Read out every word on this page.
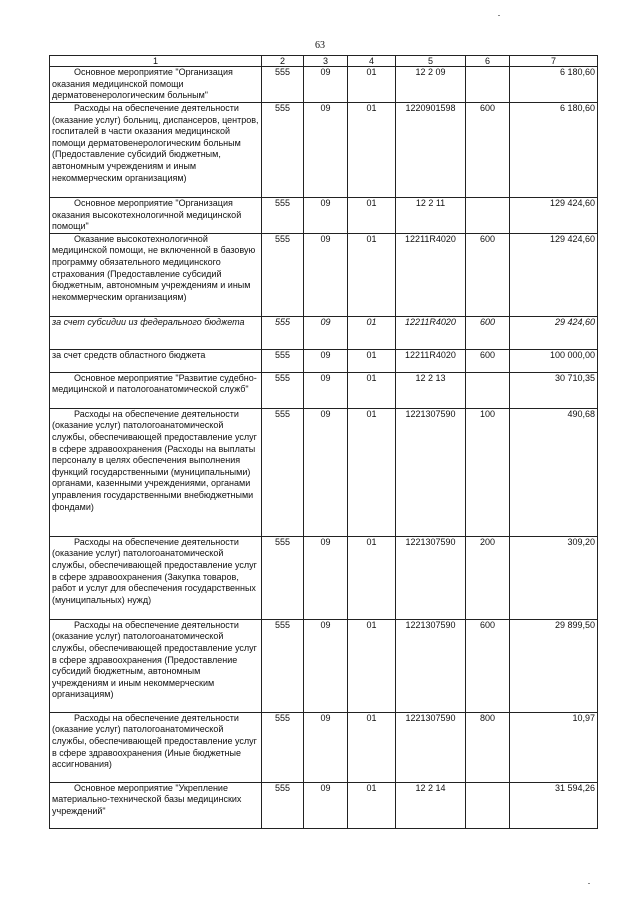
63
1	2	3	4	5	6	7
Основное мероприятие "Организация оказания медицинской помощи дерматовенерологическим больным"	555	09	01	12 2 09		6 180,60
Расходы на обеспечение деятельности (оказание услуг) больниц, диспансеров, центров, госпиталей в части оказания медицинской помощи дерматовенерологическим больным (Предоставление субсидий бюджетным, автономным учреждениям и иным некоммерческим организациям)	555	09	01	1220901598	600	6 180,60
Основное мероприятие "Организация оказания высокотехнологичной медицинской помощи"	555	09	01	12 2 11		129 424,60
Оказание высокотехнологичной медицинской помощи, не включенной в базовую программу обязательного медицинского страхования (Предоставление субсидий бюджетным, автономным учреждениям и иным некоммерческим организациям)	555	09	01	12211R4020	600	129 424,60
за счет субсидии из федерального бюджета	555	09	01	12211R4020	600	29 424,60
за счет средств областного бюджета	555	09	01	12211R4020	600	100 000,00
Основное мероприятие "Развитие судебно-медицинской и патологоанатомической служб"	555	09	01	12 2 13		30 710,35
Расходы на обеспечение деятельности (оказание услуг) патологоанатомической службы, обеспечивающей предоставление услуг в сфере здравоохранения (Расходы на выплаты персоналу в целях обеспечения выполнения функций государственными (муниципальными) органами, казенными учреждениями, органами управления государственными внебюджетными фондами)	555	09	01	1221307590	100	490,68
Расходы на обеспечение деятельности (оказание услуг) патологоанатомической службы, обеспечивающей предоставление услуг в сфере здравоохранения (Закупка товаров, работ и услуг для обеспечения государственных (муниципальных) нужд)	555	09	01	1221307590	200	309,20
Расходы на обеспечение деятельности (оказание услуг) патологоанатомической службы, обеспечивающей предоставление услуг в сфере здравоохранения (Предоставление субсидий бюджетным, автономным учреждениям и иным некоммерческим организациям)	555	09	01	1221307590	600	29 899,50
Расходы на обеспечение деятельности (оказание услуг) патологоанатомической службы, обеспечивающей предоставление услуг в сфере здравоохранения (Иные бюджетные ассигнования)	555	09	01	1221307590	800	10,97
Основное мероприятие "Укрепление материально-технической базы медицинских учреждений"	555	09	01	12 2 14		31 594,26
